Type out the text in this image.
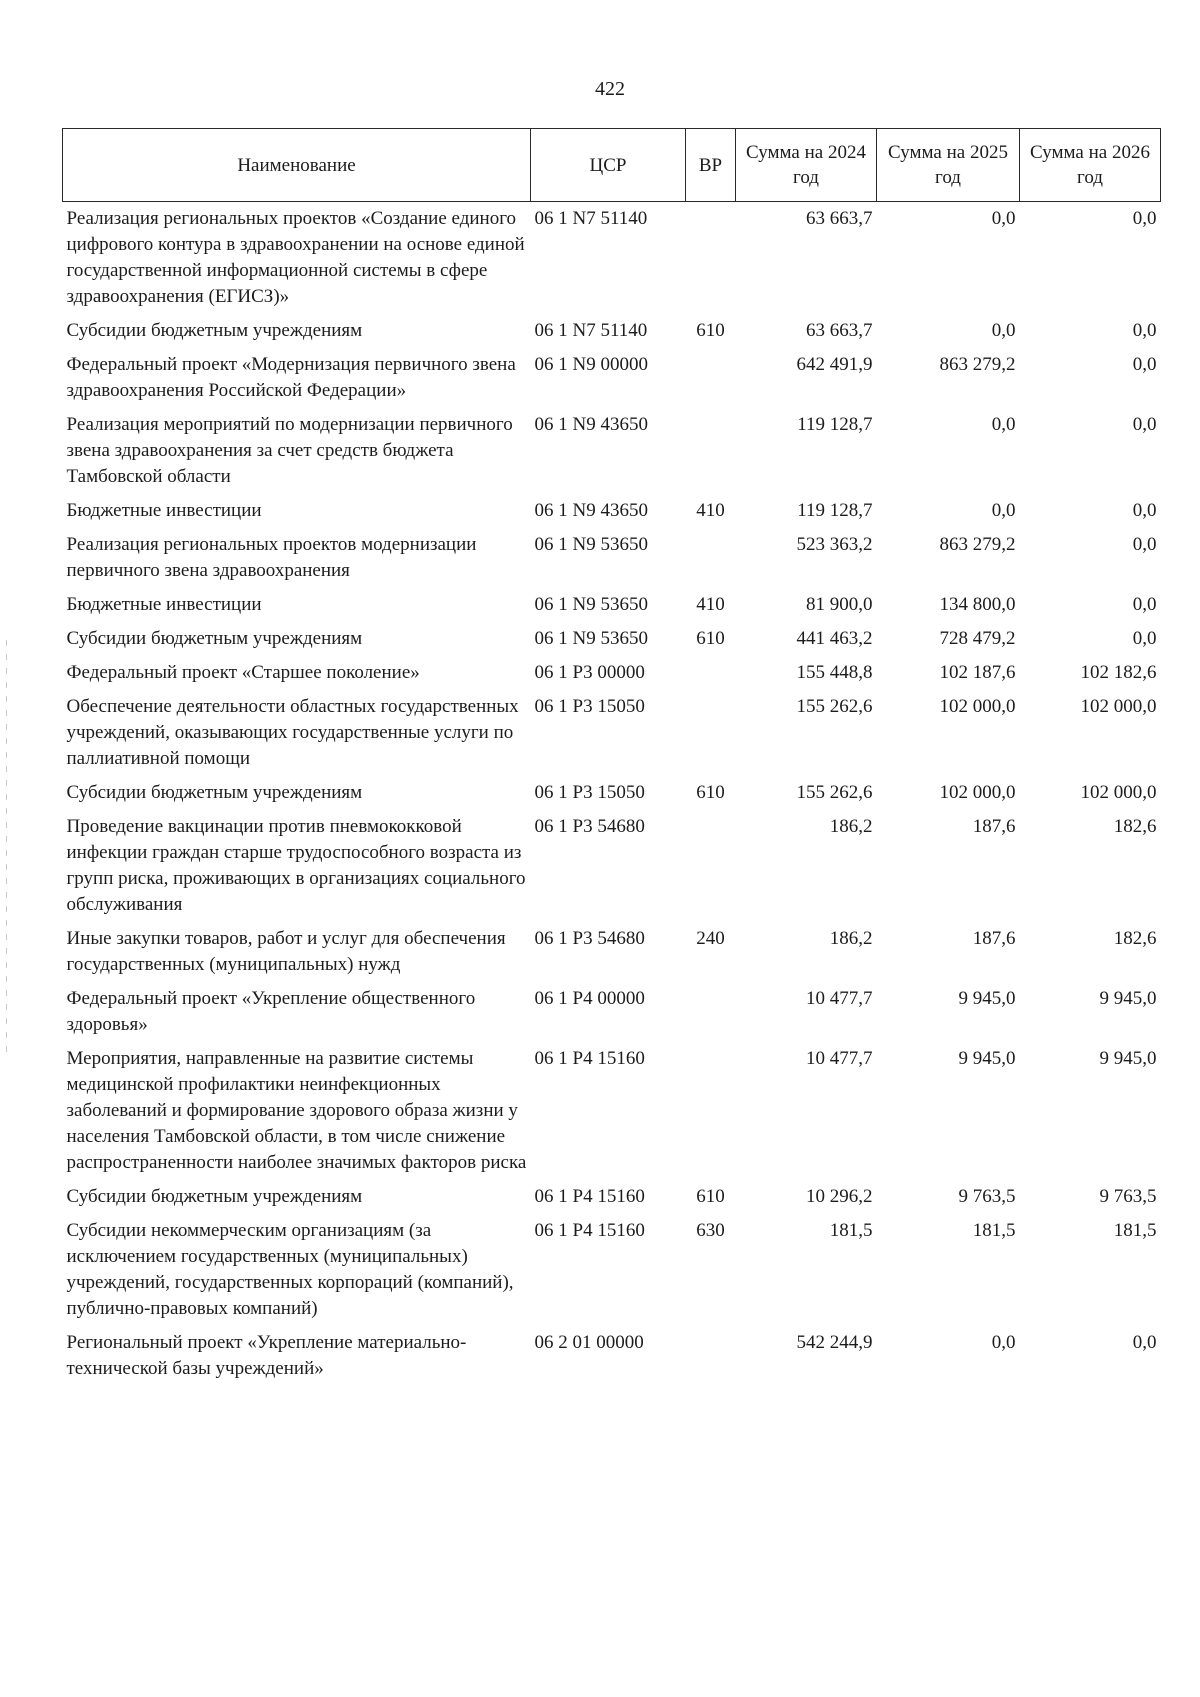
422
Наименование	ЦСР	ВР	Сумма на 2024 год	Сумма на 2025 год	Сумма на 2026 год
Реализация региональных проектов «Создание единого цифрового контура в здравоохранении на основе единой государственной информационной системы в сфере здравоохранения (ЕГИСЗ)»	06 1 N7 51140		63 663,7	0,0	0,0
Субсидии бюджетным учреждениям	06 1 N7 51140	610	63 663,7	0,0	0,0
Федеральный проект «Модернизация первичного звена здравоохранения Российской Федерации»	06 1 N9 00000		642 491,9	863 279,2	0,0
Реализация мероприятий по модернизации первичного звена здравоохранения за счет средств бюджета Тамбовской области	06 1 N9 43650		119 128,7	0,0	0,0
Бюджетные инвестиции	06 1 N9 43650	410	119 128,7	0,0	0,0
Реализация региональных проектов модернизации первичного звена здравоохранения	06 1 N9 53650		523 363,2	863 279,2	0,0
Бюджетные инвестиции	06 1 N9 53650	410	81 900,0	134 800,0	0,0
Субсидии бюджетным учреждениям	06 1 N9 53650	610	441 463,2	728 479,2	0,0
Федеральный проект «Старшее поколение»	06 1 P3 00000		155 448,8	102 187,6	102 182,6
Обеспечение деятельности областных государственных учреждений, оказывающих государственные услуги по паллиативной помощи	06 1 P3 15050		155 262,6	102 000,0	102 000,0
Субсидии бюджетным учреждениям	06 1 P3 15050	610	155 262,6	102 000,0	102 000,0
Проведение вакцинации против пневмококковой инфекции граждан старше трудоспособного возраста из групп риска, проживающих в организациях социального обслуживания	06 1 P3 54680		186,2	187,6	182,6
Иные закупки товаров, работ и услуг для обеспечения государственных (муниципальных) нужд	06 1 P3 54680	240	186,2	187,6	182,6
Федеральный проект «Укрепление общественного здоровья»	06 1 P4 00000		10 477,7	9 945,0	9 945,0
Мероприятия, направленные на развитие системы медицинской профилактики неинфекционных заболеваний и формирование здорового образа жизни у населения Тамбовской области, в том числе снижение распространенности наиболее значимых факторов риска	06 1 P4 15160		10 477,7	9 945,0	9 945,0
Субсидии бюджетным учреждениям	06 1 P4 15160	610	10 296,2	9 763,5	9 763,5
Субсидии некоммерческим организациям (за исключением государственных (муниципальных) учреждений, государственных корпораций (компаний), публично-правовых компаний)	06 1 P4 15160	630	181,5	181,5	181,5
Региональный проект «Укрепление материально-технической базы учреждений»	06 2 01 00000		542 244,9	0,0	0,0
